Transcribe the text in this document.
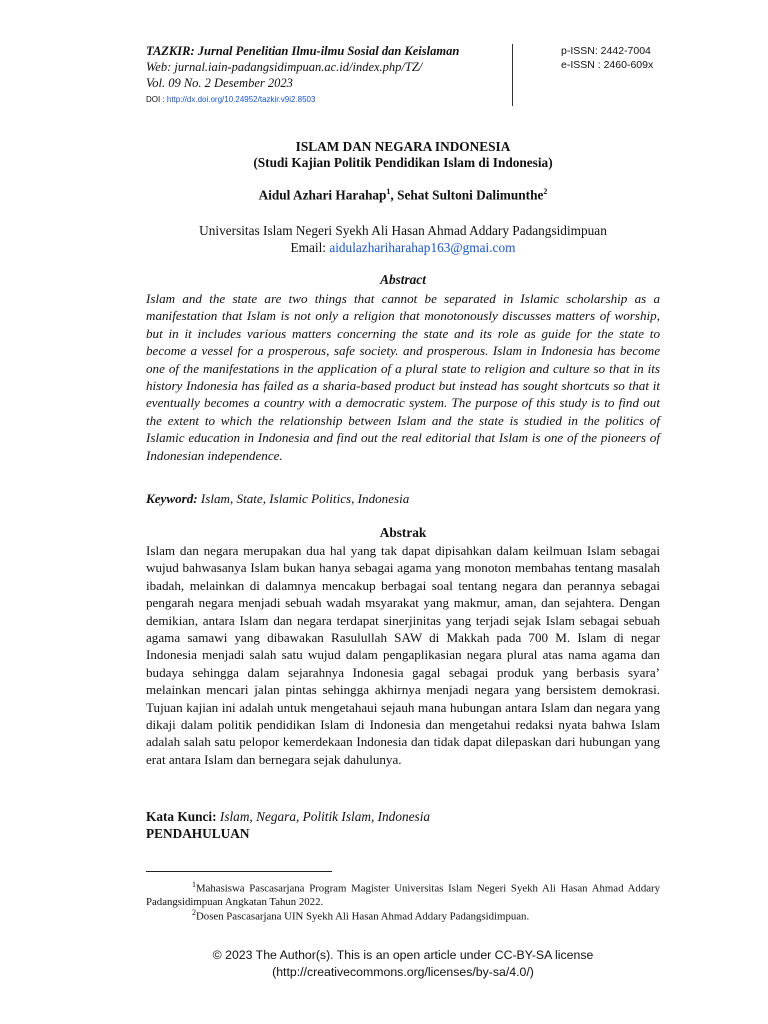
TAZKIR: Jurnal Penelitian Ilmu-ilmu Sosial dan Keislaman
Web: jurnal.iain-padangsidimpuan.ac.id/index.php/TZ/
Vol. 09 No. 2 Desember 2023
DOI : http://dx.doi.org/10.24952/tazkir.v9i2.8503
p-ISSN: 2442-7004
e-ISSN : 2460-609x
ISLAM DAN NEGARA INDONESIA
(Studi Kajian Politik Pendidikan Islam di Indonesia)
Aidul Azhari Harahap$^1$, Sehat Sultoni Dalimunthe$^2$
Universitas Islam Negeri Syekh Ali Hasan Ahmad Addary Padangsidimpuan
Email: aidulazhariharahap163@gmai.com
Abstract
Islam and the state are two things that cannot be separated in Islamic scholarship as a manifestation that Islam is not only a religion that monotonously discusses matters of worship, but in it includes various matters concerning the state and its role as guide for the state to become a vessel for a prosperous, safe society. and prosperous. Islam in Indonesia has become one of the manifestations in the application of a plural state to religion and culture so that in its history Indonesia has failed as a sharia-based product but instead has sought shortcuts so that it eventually becomes a country with a democratic system. The purpose of this study is to find out the extent to which the relationship between Islam and the state is studied in the politics of Islamic education in Indonesia and find out the real editorial that Islam is one of the pioneers of Indonesian independence.
Keyword: Islam, State, Islamic Politics, Indonesia
Abstrak
Islam dan negara merupakan dua hal yang tak dapat dipisahkan dalam keilmuan Islam sebagai wujud bahwasanya Islam bukan hanya sebagai agama yang monoton membahas tentang masalah ibadah, melainkan di dalamnya mencakup berbagai soal tentang negara dan perannya sebagai pengarah negara menjadi sebuah wadah msyarakat yang makmur, aman, dan sejahtera. Dengan demikian, antara Islam dan negara terdapat sinerjinitas yang terjadi sejak Islam sebagai sebuah agama samawi yang dibawakan Rasulullah SAW di Makkah pada 700 M. Islam di negar Indonesia menjadi salah satu wujud dalam pengaplikasian negara plural atas nama agama dan budaya sehingga dalam sejarahnya Indonesia gagal sebagai produk yang berbasis syara’ melainkan mencari jalan pintas sehingga akhirnya menjadi negara yang bersistem demokrasi. Tujuan kajian ini adalah untuk mengetahaui sejauh mana hubungan antara Islam dan negara yang dikaji dalam politik pendidikan Islam di Indonesia dan mengetahui redaksi nyata bahwa Islam adalah salah satu pelopor kemerdekaan Indonesia dan tidak dapat dilepaskan dari hubungan yang erat antara Islam dan bernegara sejak dahulunya.
Kata Kunci: Islam, Negara, Politik Islam, Indonesia
PENDAHULUAN
$^1$Mahasiswa Pascasarjana Program Magister Universitas Islam Negeri Syekh Ali Hasan Ahmad Addary Padangsidimpuan Angkatan Tahun 2022.
$^2$Dosen Pascasarjana UIN Syekh Ali Hasan Ahmad Addary Padangsidimpuan.
© 2023 The Author(s). This is an open article under CC-BY-SA license
(http://creativecommons.org/licenses/by-sa/4.0/)
